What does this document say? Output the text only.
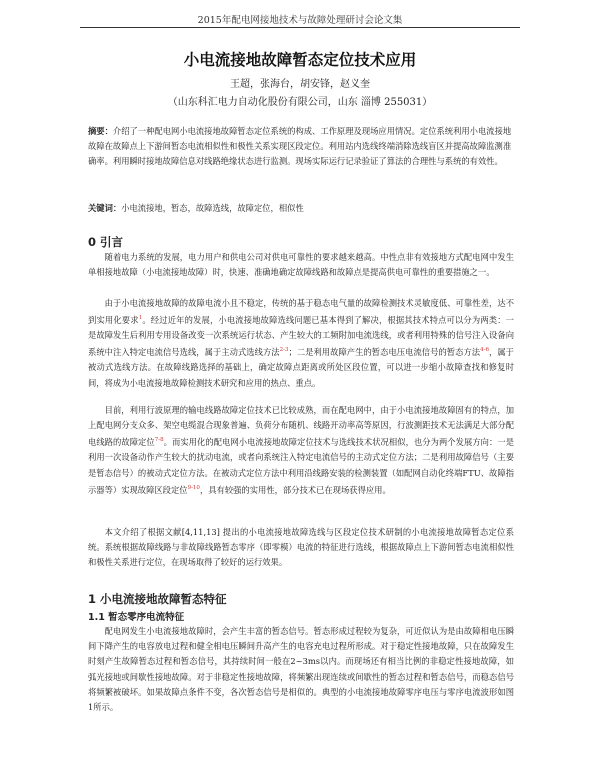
2015年配电网接地技术与故障处理研讨会论文集
小电流接地故障暂态定位技术应用
王超，张海台，胡安锋，赵义奎
（山东科汇电力自动化股份有限公司，山东 淄博 255031）
摘要：介绍了一种配电网小电流接地故障暂态定位系统的构成、工作原理及现场应用情况。定位系统利用小电流接地故障在故障点上下游间暂态电流相似性和极性关系实现区段定位。利用站内选线终端消除选线盲区并提高故障监测准确率。利用瞬时接地故障信息对线路绝缘状态进行监测。现场实际运行记录验证了算法的合理性与系统的有效性。
关键词：小电流接地，暂态，故障选线，故障定位，相似性
0 引言
随着电力系统的发展，电力用户和供电公司对供电可靠性的要求越来越高。中性点非有效接地方式配电网中发生单相接地故障（小电流接地故障）时，快速、准确地确定故障线路和故障点是提高供电可靠性的重要措施之一。
由于小电流接地故障的故障电流小且不稳定，传统的基于稳态电气量的故障检测技术灵敏度低、可靠性差，达不到实用化要求$^1$。经过近年的发展，小电流接地故障选线问题已基本得到了解决，根据其技术特点可以分为两类：一是故障发生后利用专用设备改变一次系统运行状态、产生较大的工频附加电流选线，或者利用特殊的信号注入设备向系统中注入特定电流信号选线，属于主动式选线方法$^{2-3}$；二是利用故障产生的暂态电压电流信号的暂态方法$^{4-6}$，属于被动式选线方法。在故障线路选择的基础上，确定故障点距离或所处区段位置，可以进一步缩小故障查找和修复时间，将成为小电流接地故障检测技术研究和应用的热点、重点。
目前，利用行波原理的输电线路故障定位技术已比较成熟，而在配电网中，由于小电流接地故障固有的特点，加上配电网分支众多、架空电缆混合现象普遍、负荷分布随机、线路开动率高等原因，行波测距技术无法满足大部分配电线路的故障定位$^{7-8}$。而实用化的配电网小电流接地故障定位技术与选线技术状况相似，也分为两个发展方向：一是利用一次设备动作产生较大的扰动电流，或者向系统注入特定电流信号的主动式定位方法；二是利用故障信号（主要是暂态信号）的被动式定位方法。在被动式定位方法中利用沿线路安装的检测装置（如配网自动化终端FTU、故障指示器等）实现故障区段定位$^{9-10}$，具有较强的实用性，部分技术已在现场获得应用。
本文介绍了根据文献[4,11,13] 提出的小电流接地故障选线与区段定位技术研制的小电流接地故障暂态定位系统。系统根据故障线路与非故障线路暂态零序（即零模）电流的特征进行选线，根据故障点上下游间暂态电流相似性和极性关系进行定位，在现场取得了较好的运行效果。
1 小电流接地故障暂态特征
1.1 暂态零序电流特征
配电网发生小电流接地故障时，会产生丰富的暂态信号。暂态形成过程较为复杂，可近似认为是由故障相电压瞬间下降产生的电容放电过程和健全相电压瞬间升高产生的电容充电过程所形成。对于稳定性接地故障，只在故障发生时刻产生故障暂态过程和暂态信号，其持续时间一般在2~3ms以内。而现场还有相当比例的非稳定性接地故障，如弧光接地或间歇性接地故障。对于非稳定性接地故障，将频繁出现连续或间歇性的暂态过程和暂态信号，而稳态信号将频繁被破坏。如果故障点条件不变，各次暂态信号是相似的。典型的小电流接地故障零序电压与零序电流波形如图1所示。
